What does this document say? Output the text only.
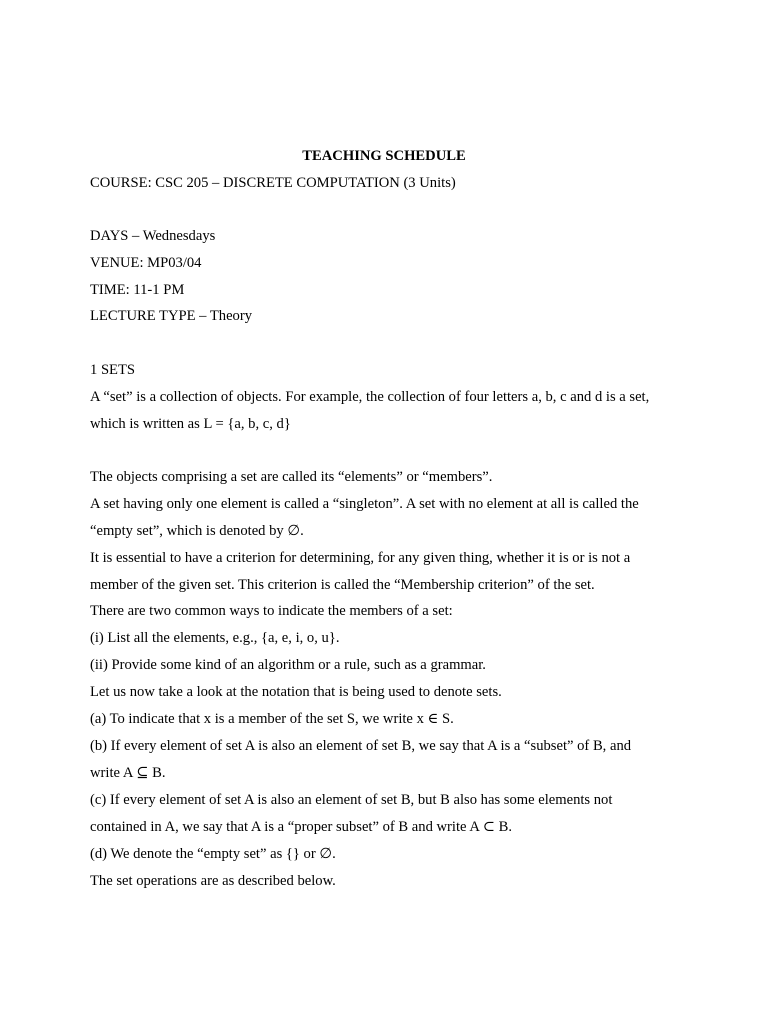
TEACHING SCHEDULE
COURSE: CSC 205 – DISCRETE COMPUTATION (3 Units)
DAYS – Wednesdays
VENUE: MP03/04
TIME: 11-1 PM
LECTURE TYPE – Theory
1 SETS
A “set” is a collection of objects. For example, the collection of four letters a, b, c and d is a set,
which is written as L = {a, b, c, d}
The objects comprising a set are called its “elements” or “members”.
A set having only one element is called a “singleton”. A set with no element at all is called the
“empty set”, which is denoted by ∅.
It is essential to have a criterion for determining, for any given thing, whether it is or is not a
member of the given set. This criterion is called the “Membership criterion” of the set.
There are two common ways to indicate the members of a set:
(i) List all the elements, e.g., {a, e, i, o, u}.
(ii) Provide some kind of an algorithm or a rule, such as a grammar.
Let us now take a look at the notation that is being used to denote sets.
(a) To indicate that x is a member of the set S, we write x ∈ S.
(b) If every element of set A is also an element of set B, we say that A is a “subset” of B, and
write A ⊆ B.
(c) If every element of set A is also an element of set B, but B also has some elements not
contained in A, we say that A is a “proper subset” of B and write A ⊂ B.
(d) We denote the “empty set” as {} or ∅.
The set operations are as described below.
